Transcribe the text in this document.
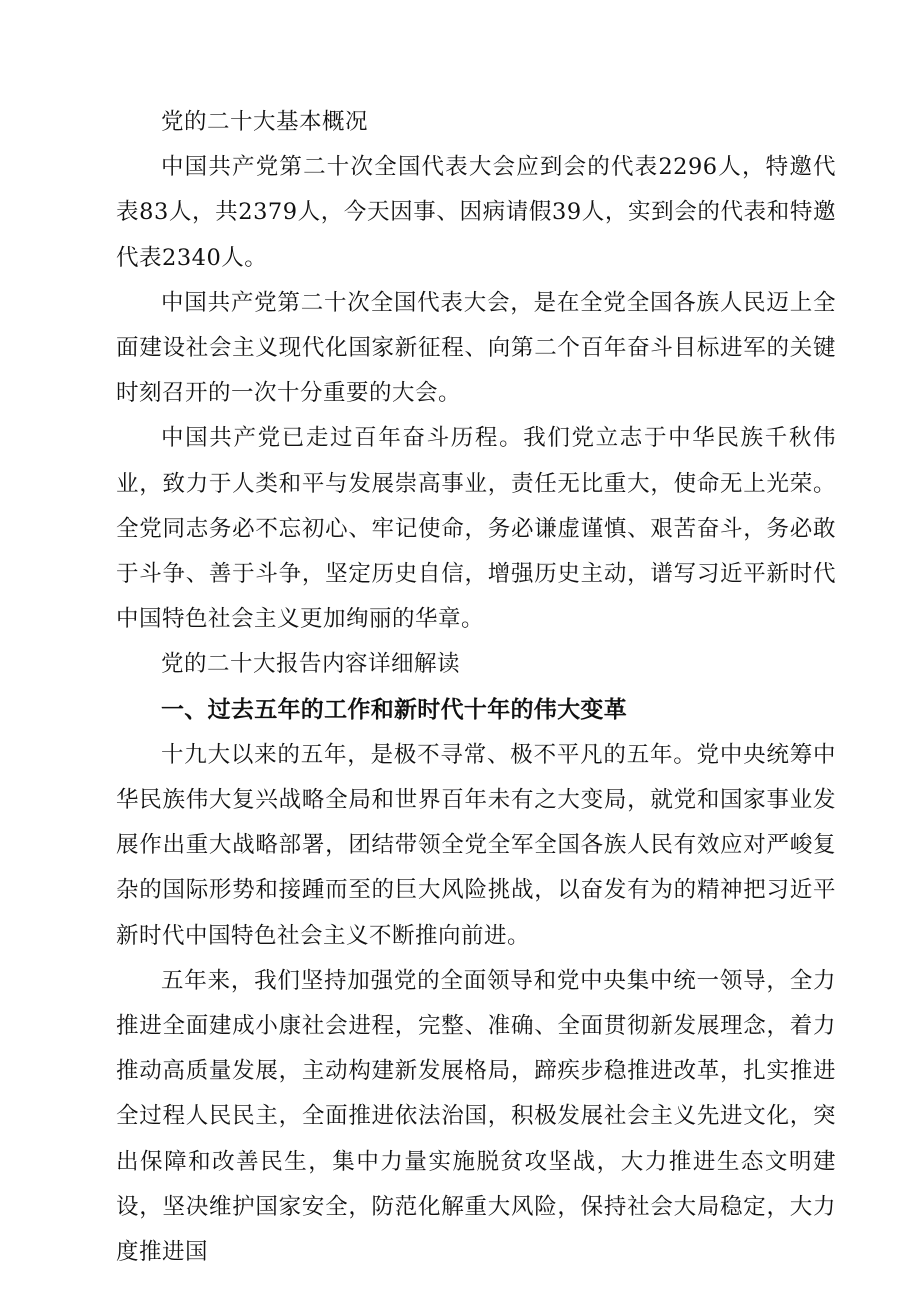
党的二十大基本概况

中国共产党第二十次全国代表大会应到会的代表2296人，特邀代表83人，共2379人，今天因事、因病请假39人，实到会的代表和特邀代表2340人。

中国共产党第二十次全国代表大会，是在全党全国各族人民迈上全面建设社会主义现代化国家新征程、向第二个百年奋斗目标进军的关键时刻召开的一次十分重要的大会。

中国共产党已走过百年奋斗历程。我们党立志于中华民族千秋伟业，致力于人类和平与发展崇高事业，责任无比重大，使命无上光荣。全党同志务必不忘初心、牢记使命，务必谦虚谨慎、艰苦奋斗，务必敢于斗争、善于斗争，坚定历史自信，增强历史主动，谱写习近平新时代中国特色社会主义更加绚丽的华章。

党的二十大报告内容详细解读

一、过去五年的工作和新时代十年的伟大变革

十九大以来的五年，是极不寻常、极不平凡的五年。党中央统筹中华民族伟大复兴战略全局和世界百年未有之大变局，就党和国家事业发展作出重大战略部署，团结带领全党全军全国各族人民有效应对严峻复杂的国际形势和接踵而至的巨大风险挑战，以奋发有为的精神把习近平新时代中国特色社会主义不断推向前进。

五年来，我们坚持加强党的全面领导和党中央集中统一领导，全力推进全面建成小康社会进程，完整、准确、全面贯彻新发展理念，着力推动高质量发展，主动构建新发展格局，蹄疾步稳推进改革，扎实推进全过程人民民主，全面推进依法治国，积极发展社会主义先进文化，突出保障和改善民生，集中力量实施脱贫攻坚战，大力推进生态文明建设，坚决维护国家安全，防范化解重大风险，保持社会大局稳定，大力度推进国
